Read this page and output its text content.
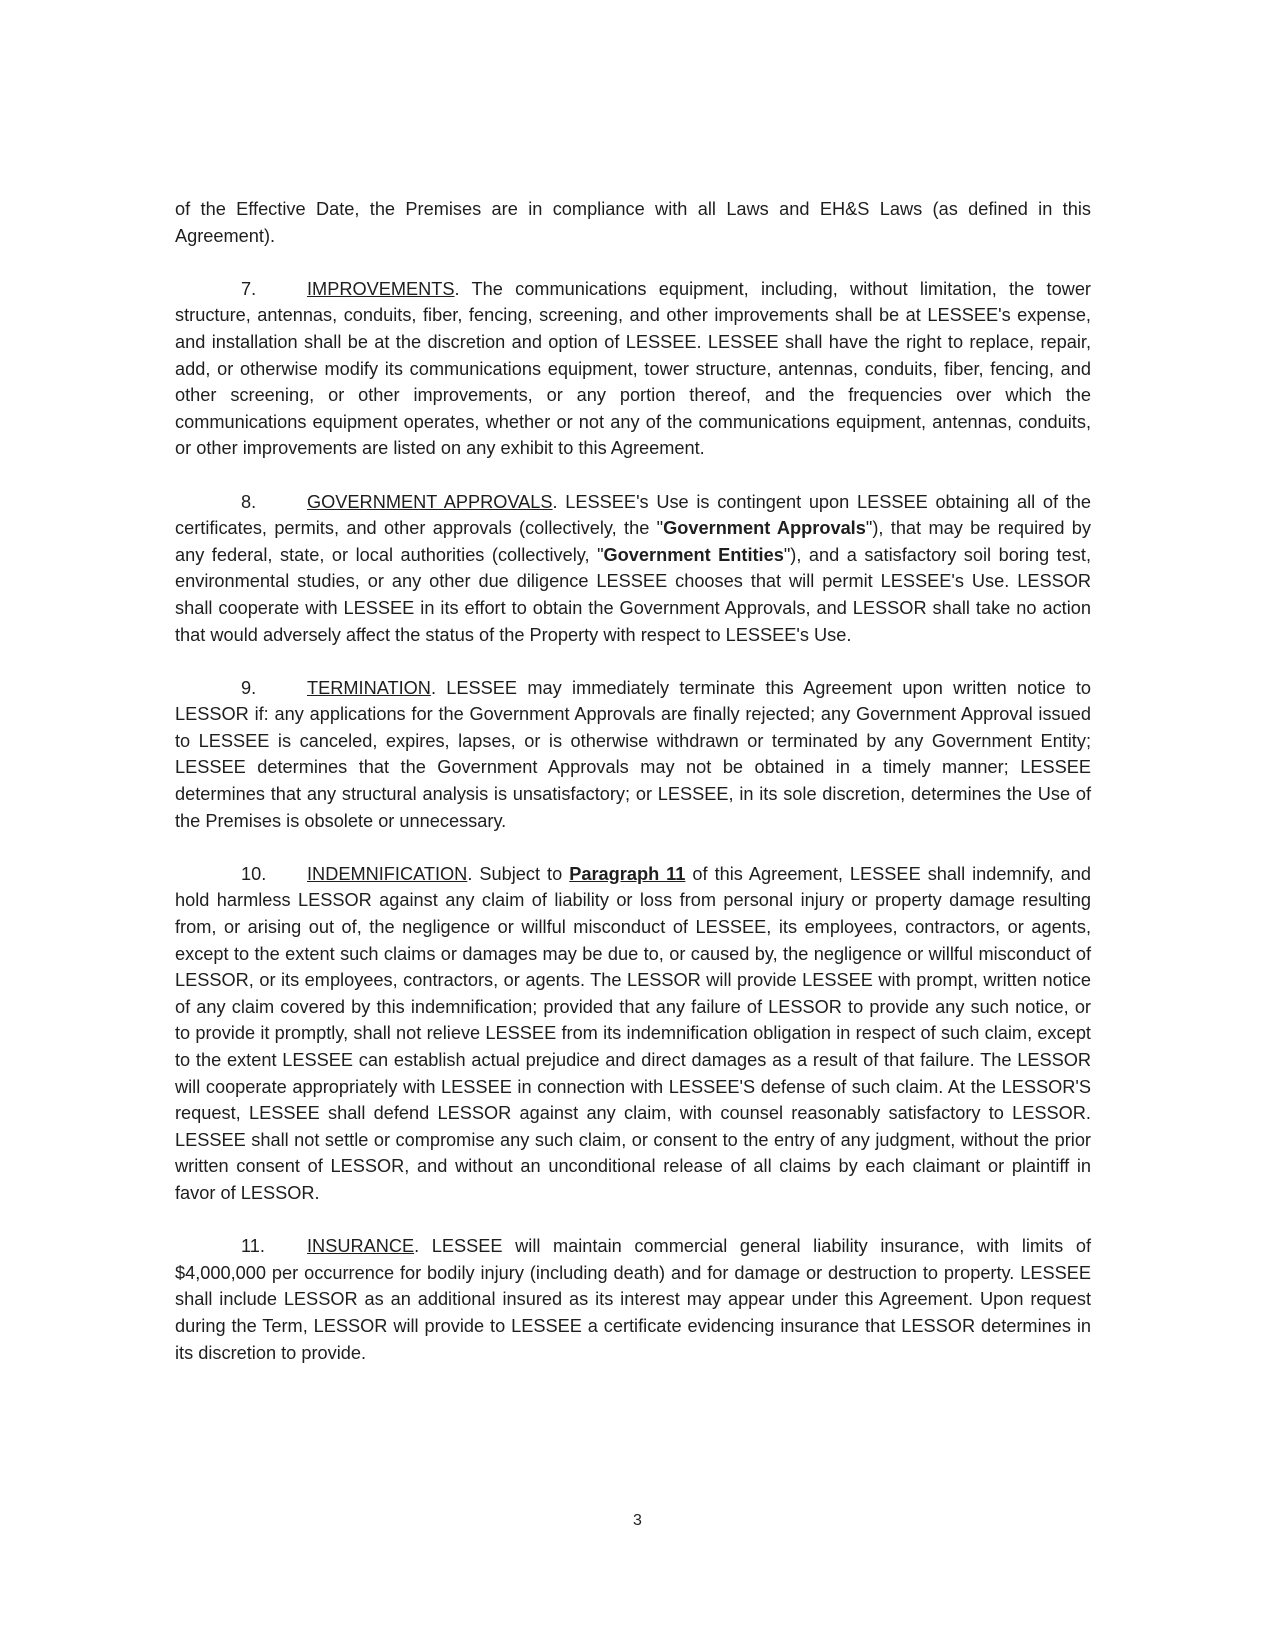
of the Effective Date, the Premises are in compliance with all Laws and EH&S Laws (as defined in this Agreement).

7.	IMPROVEMENTS. The communications equipment, including, without limitation, the tower structure, antennas, conduits, fiber, fencing, screening, and other improvements shall be at LESSEE's expense, and installation shall be at the discretion and option of LESSEE. LESSEE shall have the right to replace, repair, add, or otherwise modify its communications equipment, tower structure, antennas, conduits, fiber, fencing, and other screening, or other improvements, or any portion thereof, and the frequencies over which the communications equipment operates, whether or not any of the communications equipment, antennas, conduits, or other improvements are listed on any exhibit to this Agreement.

8.	GOVERNMENT APPROVALS. LESSEE's Use is contingent upon LESSEE obtaining all of the certificates, permits, and other approvals (collectively, the "Government Approvals"), that may be required by any federal, state, or local authorities (collectively, "Government Entities"), and a satisfactory soil boring test, environmental studies, or any other due diligence LESSEE chooses that will permit LESSEE's Use. LESSOR shall cooperate with LESSEE in its effort to obtain the Government Approvals, and LESSOR shall take no action that would adversely affect the status of the Property with respect to LESSEE's Use.

9.	TERMINATION. LESSEE may immediately terminate this Agreement upon written notice to LESSOR if: any applications for the Government Approvals are finally rejected; any Government Approval issued to LESSEE is canceled, expires, lapses, or is otherwise withdrawn or terminated by any Government Entity; LESSEE determines that the Government Approvals may not be obtained in a timely manner; LESSEE determines that any structural analysis is unsatisfactory; or LESSEE, in its sole discretion, determines the Use of the Premises is obsolete or unnecessary.

10. INDEMNIFICATION. Subject to Paragraph 11 of this Agreement, LESSEE shall indemnify, and hold harmless LESSOR against any claim of liability or loss from personal injury or property damage resulting from, or arising out of, the negligence or willful misconduct of LESSEE, its employees, contractors, or agents, except to the extent such claims or damages may be due to, or caused by, the negligence or willful misconduct of LESSOR, or its employees, contractors, or agents. The LESSOR will provide LESSEE with prompt, written notice of any claim covered by this indemnification; provided that any failure of LESSOR to provide any such notice, or to provide it promptly, shall not relieve LESSEE from its indemnification obligation in respect of such claim, except to the extent LESSEE can establish actual prejudice and direct damages as a result of that failure. The LESSOR will cooperate appropriately with LESSEE in connection with LESSEE'S defense of such claim. At the LESSOR'S request, LESSEE shall defend LESSOR against any claim, with counsel reasonably satisfactory to LESSOR. LESSEE shall not settle or compromise any such claim, or consent to the entry of any judgment, without the prior written consent of LESSOR, and without an unconditional release of all claims by each claimant or plaintiff in favor of LESSOR.

11. INSURANCE. LESSEE will maintain commercial general liability insurance, with limits of $4,000,000 per occurrence for bodily injury (including death) and for damage or destruction to property. LESSEE shall include LESSOR as an additional insured as its interest may appear under this Agreement. Upon request during the Term, LESSOR will provide to LESSEE a certificate evidencing insurance that LESSOR determines in its discretion to provide.

3
